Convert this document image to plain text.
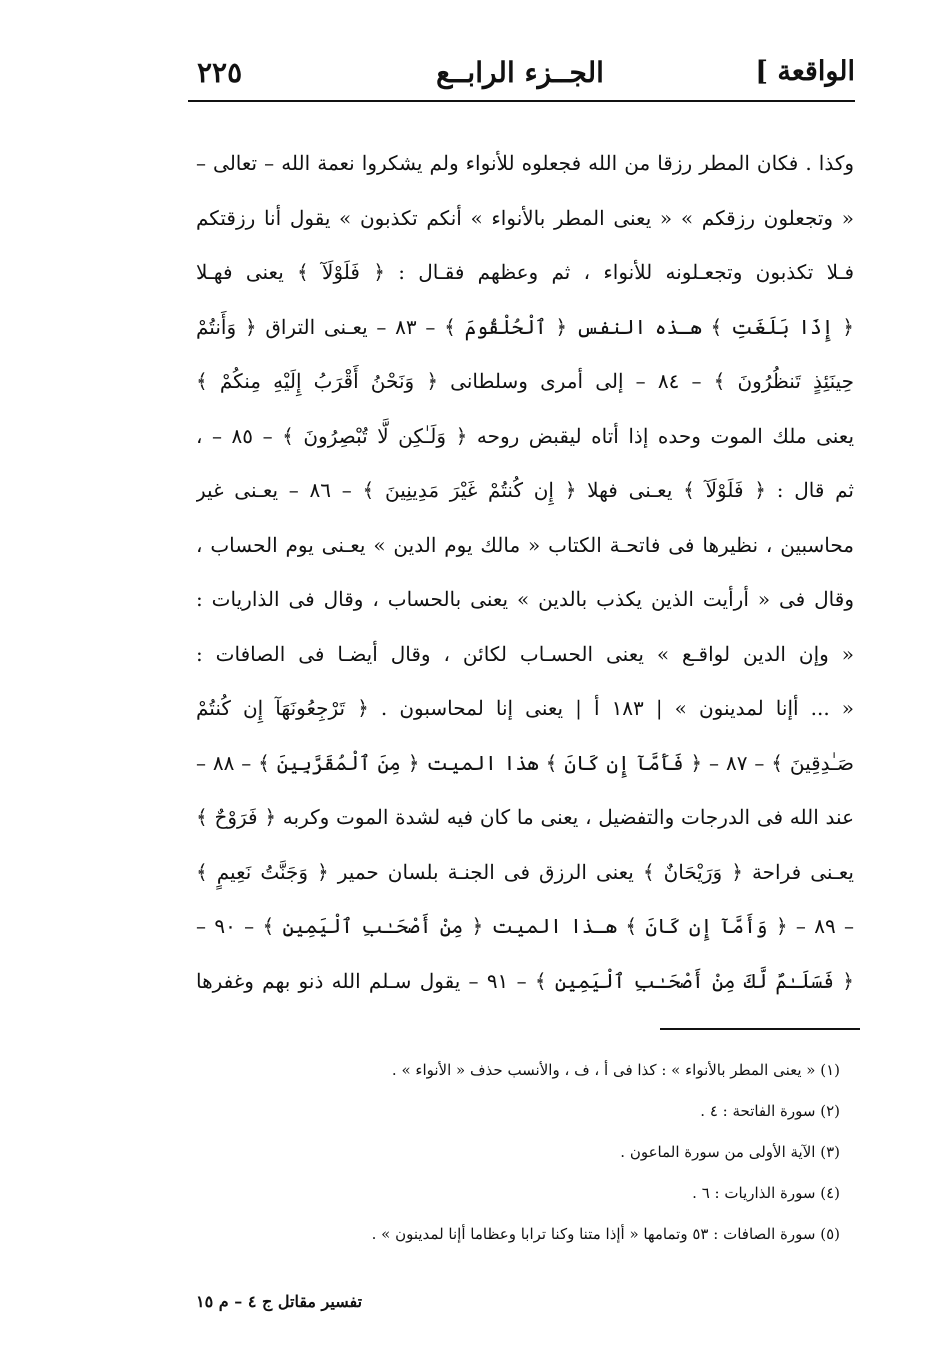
الواقعة ]
الجــزء الرابــع
٢٢٥
وكذا . فكان المطر رزقا من الله فجعلوه للأنواء ولم يشكروا نعمة الله – تعالى –
« وتجعلون رزقكم » « يعنى المطر بالأنواء » أنكم تكذبون » يقول أنا رزقتكم
فـلا تكذبون وتجعـلونه للأنواء ، ثم وعظهم فقـال : ﴿ فَلَوْلَآ ﴾ يعنى فهـلا
﴿ إِذَا بَلَغَتِ ﴾ هـذه النفس ﴿ ٱلْحُلْقُومَ ﴾ – ٨٣ – يعـنى التراق ﴿ وَأَنتُمْ
حِينَئِذٍ تَنظُرُونَ ﴾ – ٨٤ – إلى أمرى وسلطانى ﴿ وَنَحْنُ أَقْرَبُ إِلَيْهِ مِنكُمْ ﴾
يعنى ملك الموت وحده إذا أتاه ليقبض روحه ﴿ وَلَـٰكِن لَّا تُبْصِرُونَ ﴾ – ٨٥ – ،
ثم قال : ﴿ فَلَوْلَآ ﴾ يعـنى فهلا ﴿ إِن كُنتُمْ غَيْرَ مَدِينِينَ ﴾ – ٨٦ – يعـنى غير
محاسبين ، نظيرها فى فاتحـة الكتاب « مالك يوم الدين » يعـنى يوم الحساب ،
وقال فى « أرأيت الذين يكذب بالدين » يعنى بالحساب ، وقال فى الذاريات :
« وإن الدين لواقـع » يعنى الحسـاب لكائن ، وقال أيضـا فى الصافات :
« ... أإنا لمدينون » | ١٨٣ أ | يعنى إنا لمحاسبون . ﴿ تَرْجِعُونَهَآ إِن كُنتُمْ
صَـٰدِقِينَ ﴾ – ٨٧ – ﴿ فَأَمَّآ إِن كَانَ ﴾ هذا الميت ﴿ مِنَ ٱلْمُقَرَّبِينَ ﴾ – ٨٨ –
عند الله فى الدرجات والتفضيل ، يعنى ما كان فيه لشدة الموت وكربه ﴿ فَرَوْحٌ ﴾
يعـنى فراحة ﴿ وَرَيْحَانٌ ﴾ يعنى الرزق فى الجنـة بلسان حمير ﴿ وَجَنَّتُ نَعِيمٍ ﴾
– ٨٩ – ﴿ وَأَمَّآ إِن كَانَ ﴾ هـذا الميت ﴿ مِنْ أَصْحَـٰبِ ٱلْيَمِينِ ﴾ – ٩٠ –
﴿ فَسَلَـٰمٌ لَّكَ مِنْ أَصْحَـٰبِ ٱلْيَمِينِ ﴾ – ٩١ – يقول سـلم الله ذنو بهم وغفرها
(١) « يعنى المطر بالأنواء » : كذا فى أ ، ف ، والأنسب حذف « الأنواء » .
(٢) سورة الفاتحة : ٤ .
(٣) الآية الأولى من سورة الماعون .
(٤) سورة الذاريات : ٦ .
(٥) سورة الصافات : ٥٣ وتمامها « أإذا متنا وكنا ترابا وعظاما أإنا لمدينون » .
تفسير مقاتل ج ٤ – م ١٥
